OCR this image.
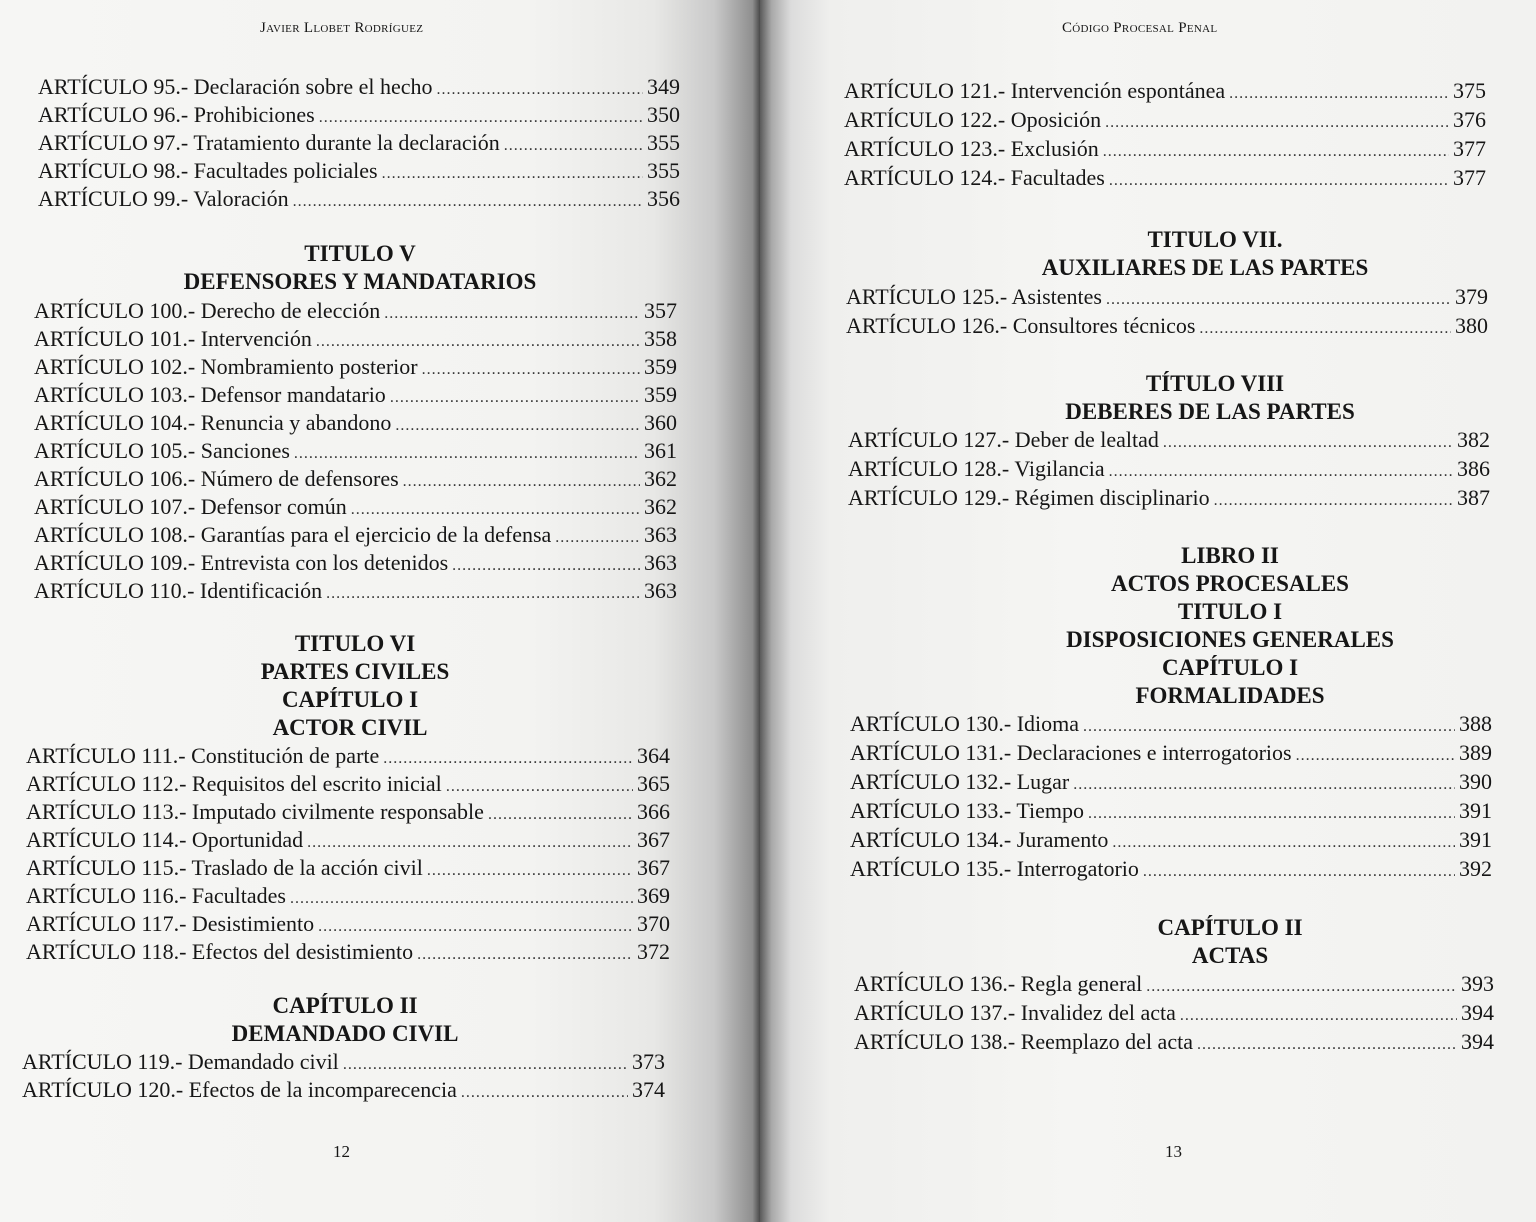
Javier Llobet Rodríguez
ARTÍCULO 95.- Declaración sobre el hecho .....	349
ARTÍCULO 96.- Prohibiciones .....	350
ARTÍCULO 97.- Tratamiento durante la declaración .....	355
ARTÍCULO 98.- Facultades policiales .....	355
ARTÍCULO 99.- Valoración .....	356
TITULO V
DEFENSORES Y MANDATARIOS
ARTÍCULO 100.- Derecho de elección .....	357
ARTÍCULO 101.- Intervención .....	358
ARTÍCULO 102.- Nombramiento posterior .....	359
ARTÍCULO 103.- Defensor mandatario .....	359
ARTÍCULO 104.- Renuncia y abandono .....	360
ARTÍCULO 105.- Sanciones .....	361
ARTÍCULO 106.- Número de defensores .....	362
ARTÍCULO 107.- Defensor común .....	362
ARTÍCULO 108.- Garantías para el ejercicio de la defensa .....	363
ARTÍCULO 109.- Entrevista con los detenidos .....	363
ARTÍCULO 110.- Identificación .....	363
TITULO VI
PARTES CIVILES
CAPÍTULO I
ACTOR CIVIL
ARTÍCULO 111.- Constitución de parte .....	364
ARTÍCULO 112.- Requisitos del escrito inicial .....	365
ARTÍCULO 113.- Imputado civilmente responsable .....	366
ARTÍCULO 114.- Oportunidad .....	367
ARTÍCULO 115.- Traslado de la acción civil .....	367
ARTÍCULO 116.- Facultades .....	369
ARTÍCULO 117.- Desistimiento .....	370
ARTÍCULO 118.- Efectos del desistimiento .....	372
CAPÍTULO II
DEMANDADO CIVIL
ARTÍCULO 119.- Demandado civil .....	373
ARTÍCULO 120.- Efectos de la incomparecencia .....	374
12
Código Procesal Penal
ARTÍCULO 121.- Intervención espontánea .....	375
ARTÍCULO 122.- Oposición .....	376
ARTÍCULO 123.- Exclusión .....	377
ARTÍCULO 124.- Facultades .....	377
TITULO VII.
AUXILIARES DE LAS PARTES
ARTÍCULO 125.- Asistentes .....	379
ARTÍCULO 126.- Consultores técnicos .....	380
TÍTULO VIII
DEBERES DE LAS PARTES
ARTÍCULO 127.- Deber de lealtad .....	382
ARTÍCULO 128.- Vigilancia .....	386
ARTÍCULO 129.- Régimen disciplinario .....	387
LIBRO II
ACTOS PROCESALES
TITULO I
DISPOSICIONES GENERALES
CAPÍTULO I
FORMALIDADES
ARTÍCULO 130.- Idioma .....	388
ARTÍCULO 131.- Declaraciones e interrogatorios .....	389
ARTÍCULO 132.- Lugar .....	390
ARTÍCULO 133.- Tiempo .....	391
ARTÍCULO 134.- Juramento .....	391
ARTÍCULO 135.- Interrogatorio .....	392
CAPÍTULO II
ACTAS
ARTÍCULO 136.- Regla general .....	393
ARTÍCULO 137.- Invalidez del acta .....	394
ARTÍCULO 138.- Reemplazo del acta .....	394
13
